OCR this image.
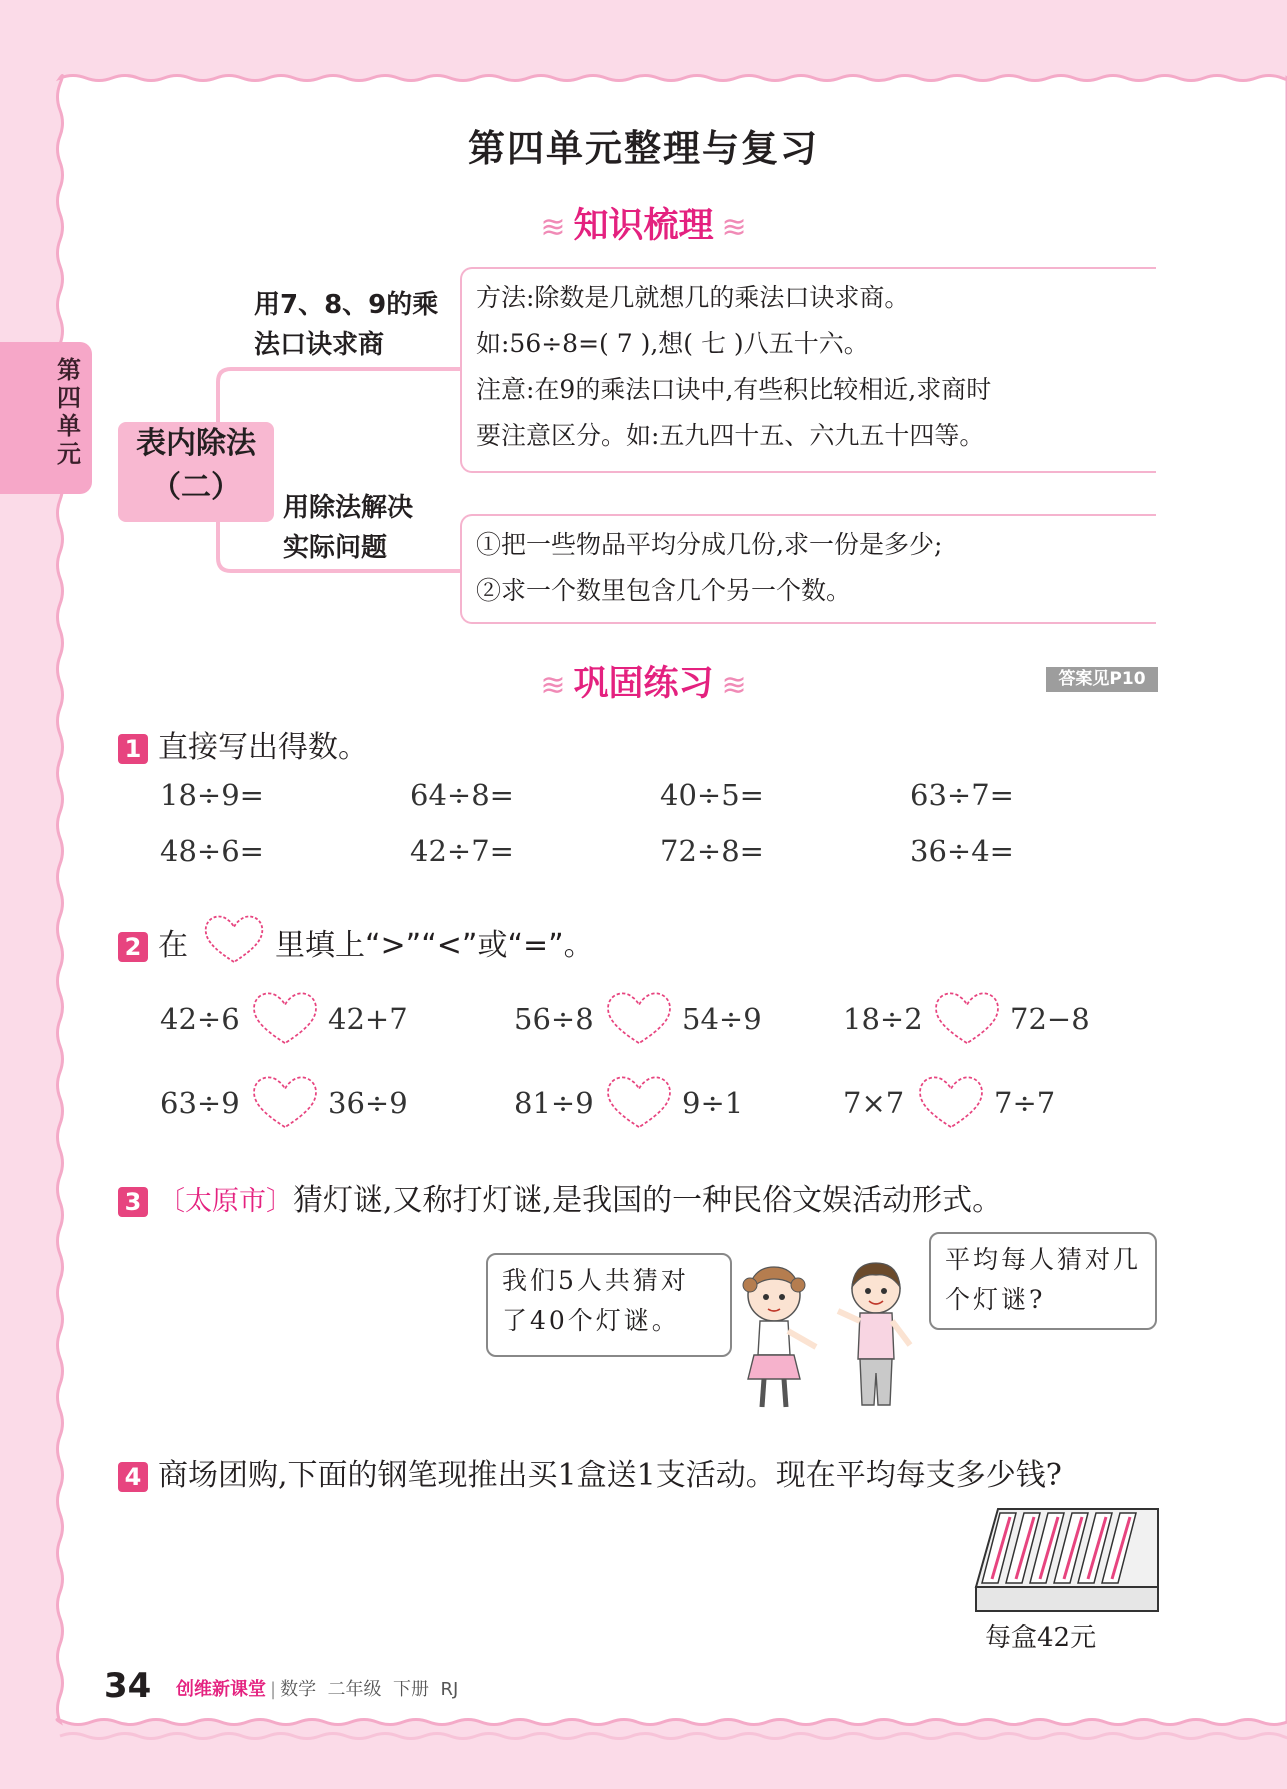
第四单元整理与复习
第四单元
≋ 知识梳理 ≋
表内除法
（二）
用7、8、9的乘
法口诀求商
用除法解决
实际问题
方法:除数是几就想几的乘法口诀求商。
如:56÷8=( 7 ),想( 七 )八五十六。
注意:在9的乘法口诀中,有些积比较相近,求商时
要注意区分。如:五九四十五、六九五十四等。
①把一些物品平均分成几份,求一份是多少;
②求一个数里包含几个另一个数。
≋ 巩固练习 ≋	答案见P10
1 直接写出得数。
18÷9=	64÷8=	40÷5=	63÷7=
48÷6=	42÷7=	72÷8=	36÷4=
2 在	里填上“>”“<”或“=”。
42÷6	42+7	56÷8	54÷9	18÷2	72−8
63÷9	36÷9	81÷9	9÷1	7×7	7÷7
3 〔太原市〕猜灯谜,又称打灯谜,是我国的一种民俗文娱活动形式。
我们5人共猜对
了40个灯谜。
平均每人猜对几
个灯谜?
4 商场团购,下面的钢笔现推出买1盒送1支活动。现在平均每支多少钱?
每盒42元
34 创维新课堂 | 数学 二年级 下册 RJ
